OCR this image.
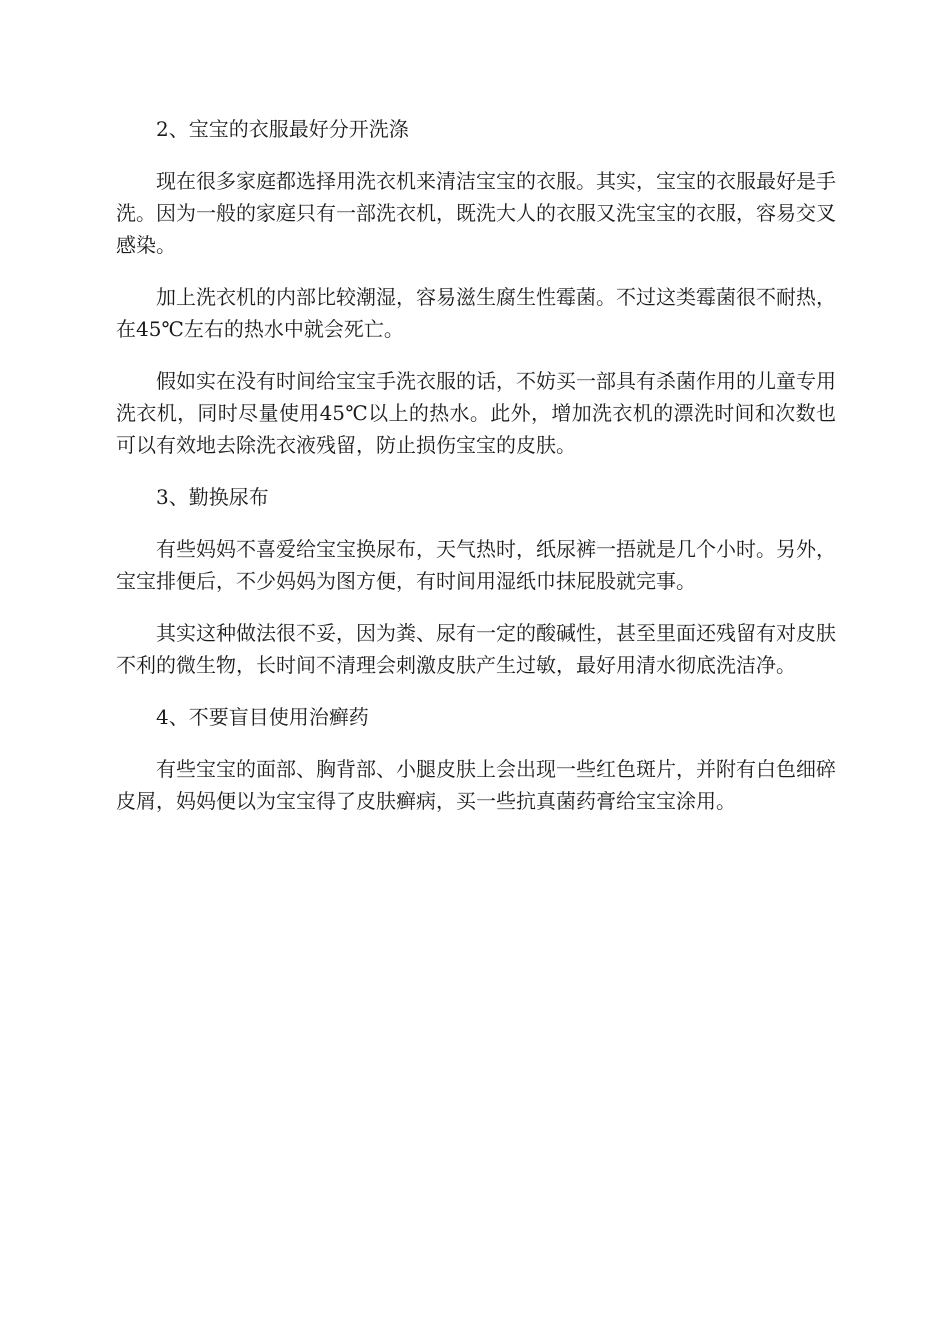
2、宝宝的衣服最好分开洗涤

现在很多家庭都选择用洗衣机来清洁宝宝的衣服。其实，宝宝的衣服最好是手洗。因为一般的家庭只有一部洗衣机，既洗大人的衣服又洗宝宝的衣服，容易交叉感染。

加上洗衣机的内部比较潮湿，容易滋生腐生性霉菌。不过这类霉菌很不耐热，在45℃左右的热水中就会死亡。

假如实在没有时间给宝宝手洗衣服的话，不妨买一部具有杀菌作用的儿童专用洗衣机，同时尽量使用45℃以上的热水。此外，增加洗衣机的漂洗时间和次数也可以有效地去除洗衣液残留，防止损伤宝宝的皮肤。

3、勤换尿布

有些妈妈不喜爱给宝宝换尿布，天气热时，纸尿裤一捂就是几个小时。另外，宝宝排便后，不少妈妈为图方便，有时间用湿纸巾抹屁股就完事。

其实这种做法很不妥，因为粪、尿有一定的酸碱性，甚至里面还残留有对皮肤不利的微生物，长时间不清理会刺激皮肤产生过敏，最好用清水彻底洗洁净。

4、不要盲目使用治癣药

有些宝宝的面部、胸背部、小腿皮肤上会出现一些红色斑片，并附有白色细碎皮屑，妈妈便以为宝宝得了皮肤癣病，买一些抗真菌药膏给宝宝涂用。
